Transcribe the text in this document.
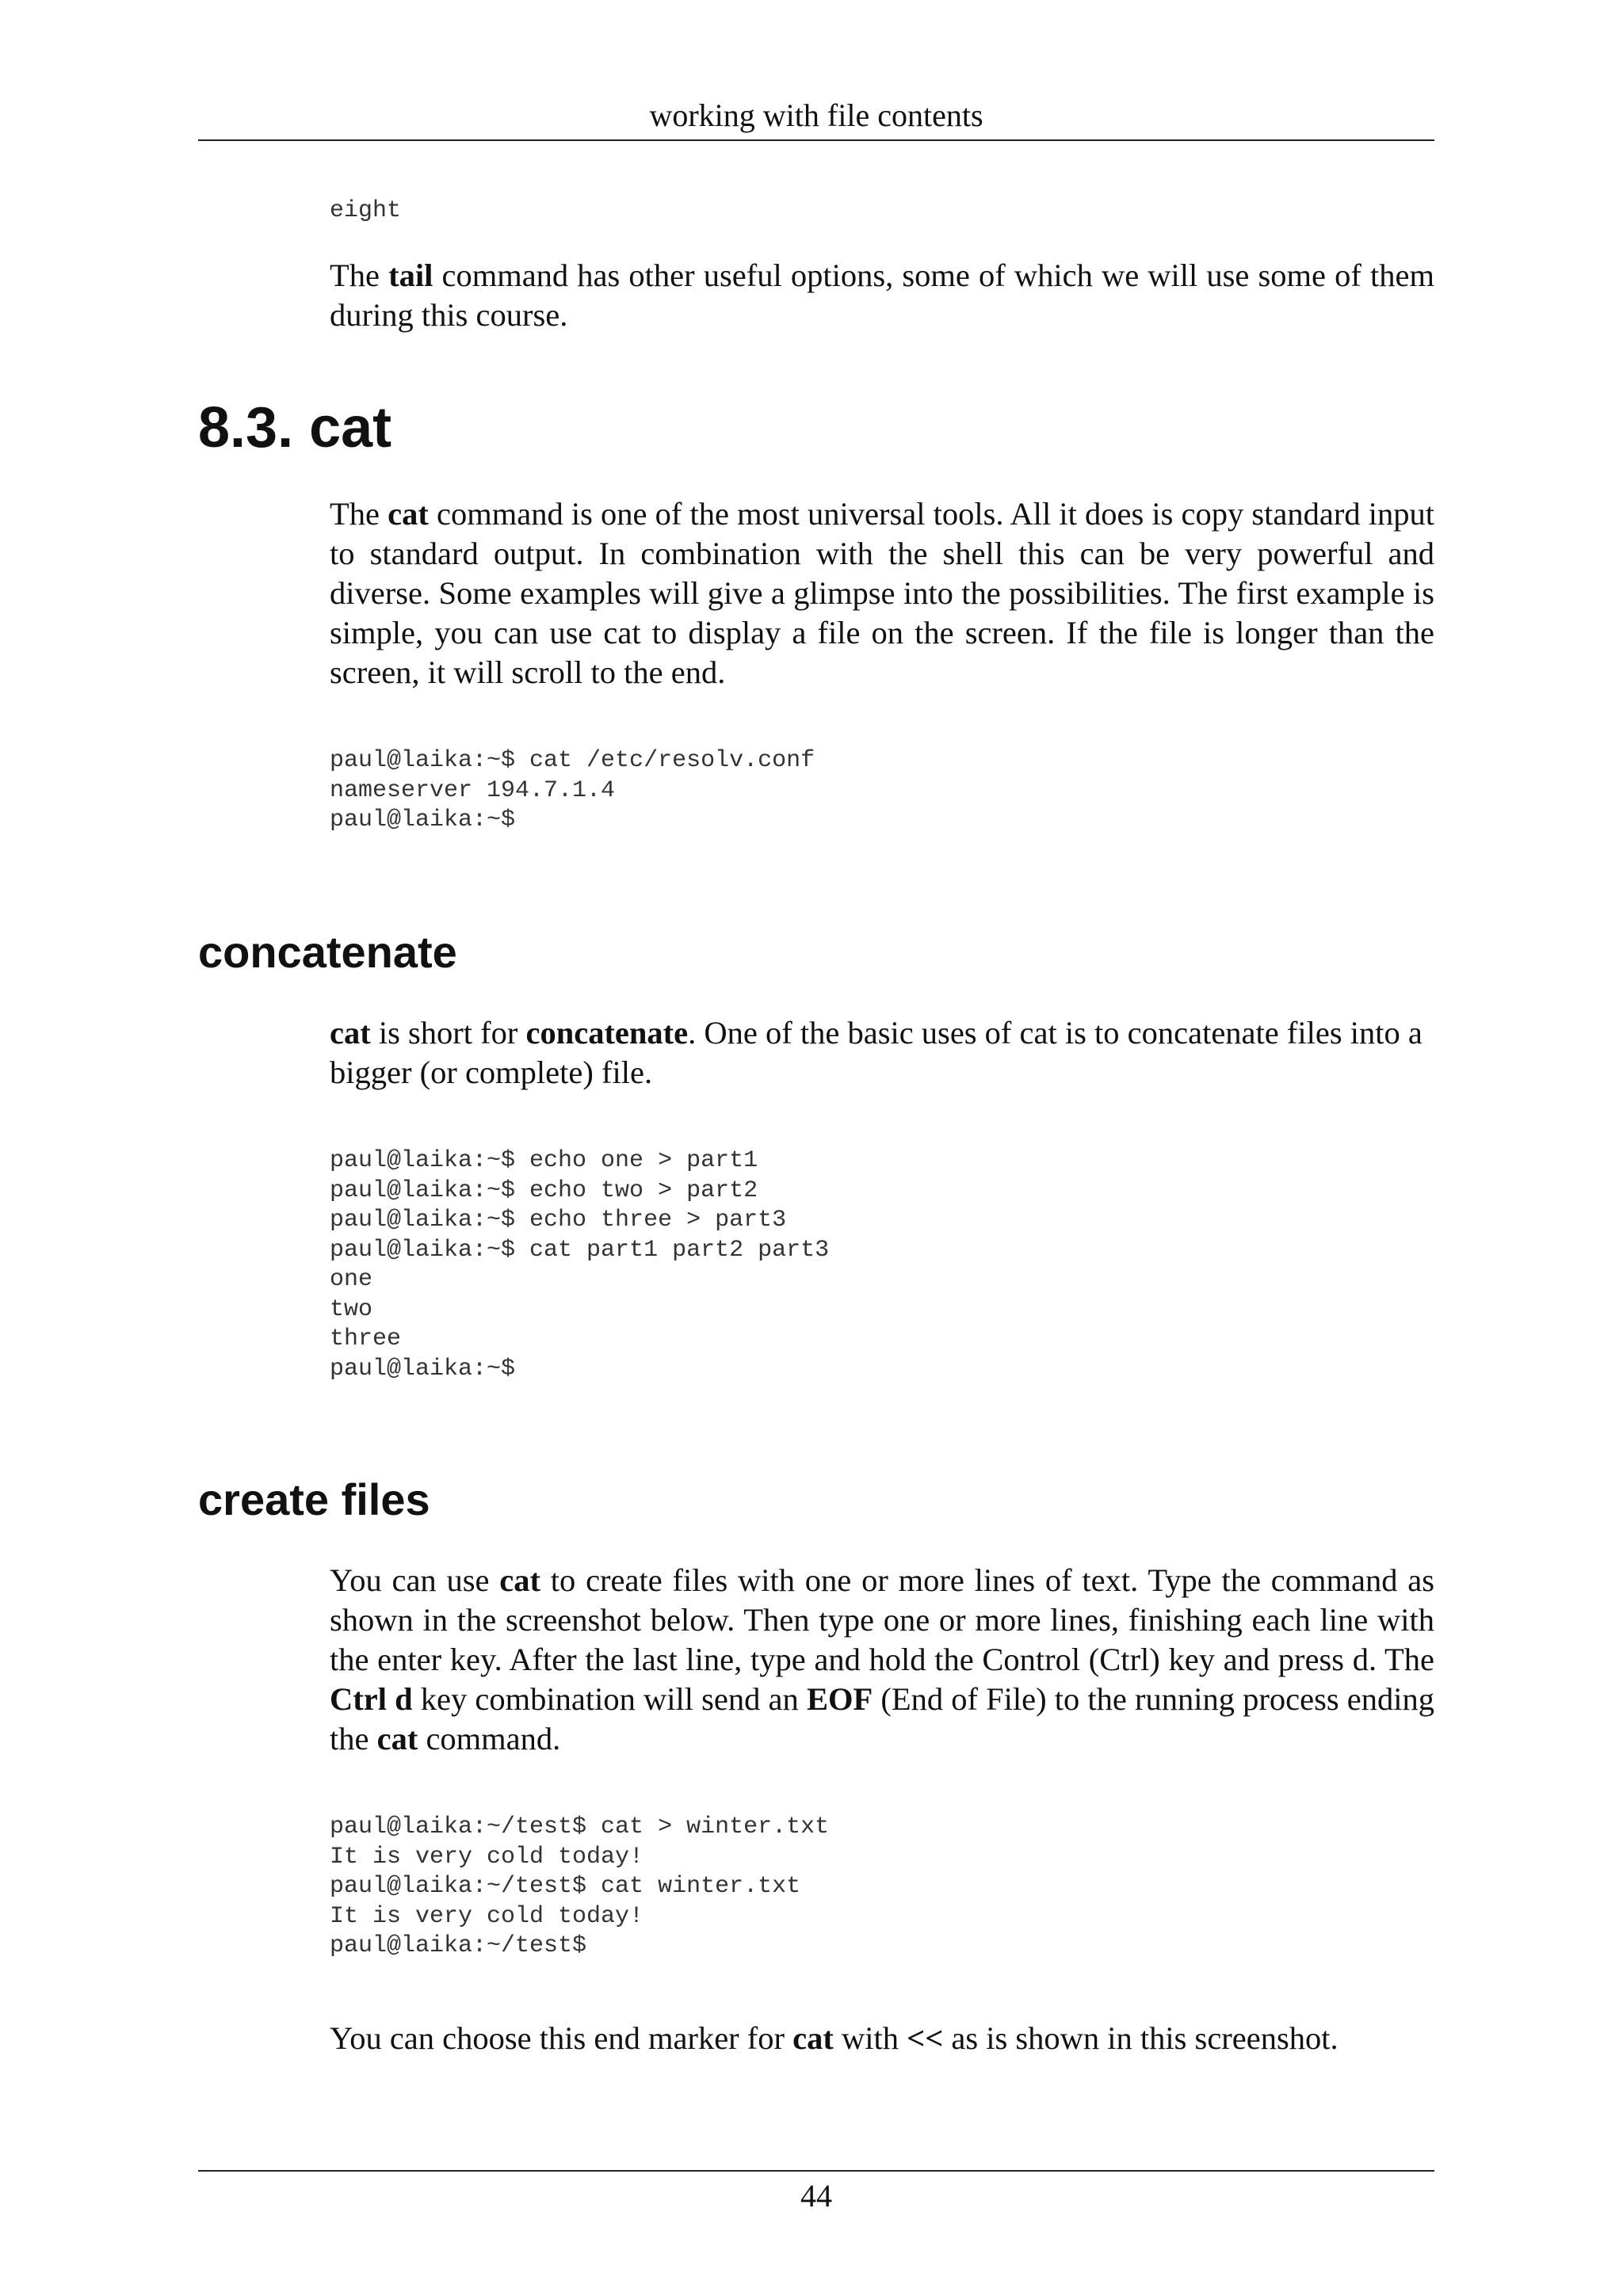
working with file contents
eight

The tail command has other useful options, some of which we will use some of them during this course.

8.3. cat

The cat command is one of the most universal tools. All it does is copy standard input to standard output. In combination with the shell this can be very powerful and diverse. Some examples will give a glimpse into the possibilities. The first example is simple, you can use cat to display a file on the screen. If the file is longer than the screen, it will scroll to the end.

paul@laika:~$ cat /etc/resolv.conf
nameserver 194.7.1.4
paul@laika:~$
concatenate

cat is short for concatenate. One of the basic uses of cat is to concatenate files into a bigger (or complete) file.

paul@laika:~$ echo one > part1
paul@laika:~$ echo two > part2
paul@laika:~$ echo three > part3
paul@laika:~$ cat part1 part2 part3
one
two
three
paul@laika:~$
create files

You can use cat to create files with one or more lines of text. Type the command as shown in the screenshot below. Then type one or more lines, finishing each line with the enter key. After the last line, type and hold the Control (Ctrl) key and press d. The Ctrl d key combination will send an EOF (End of File) to the running process ending the cat command.

paul@laika:~/test$ cat > winter.txt
It is very cold today!
paul@laika:~/test$ cat winter.txt
It is very cold today!
paul@laika:~/test$

You can choose this end marker for cat with << as is shown in this screenshot.

44
